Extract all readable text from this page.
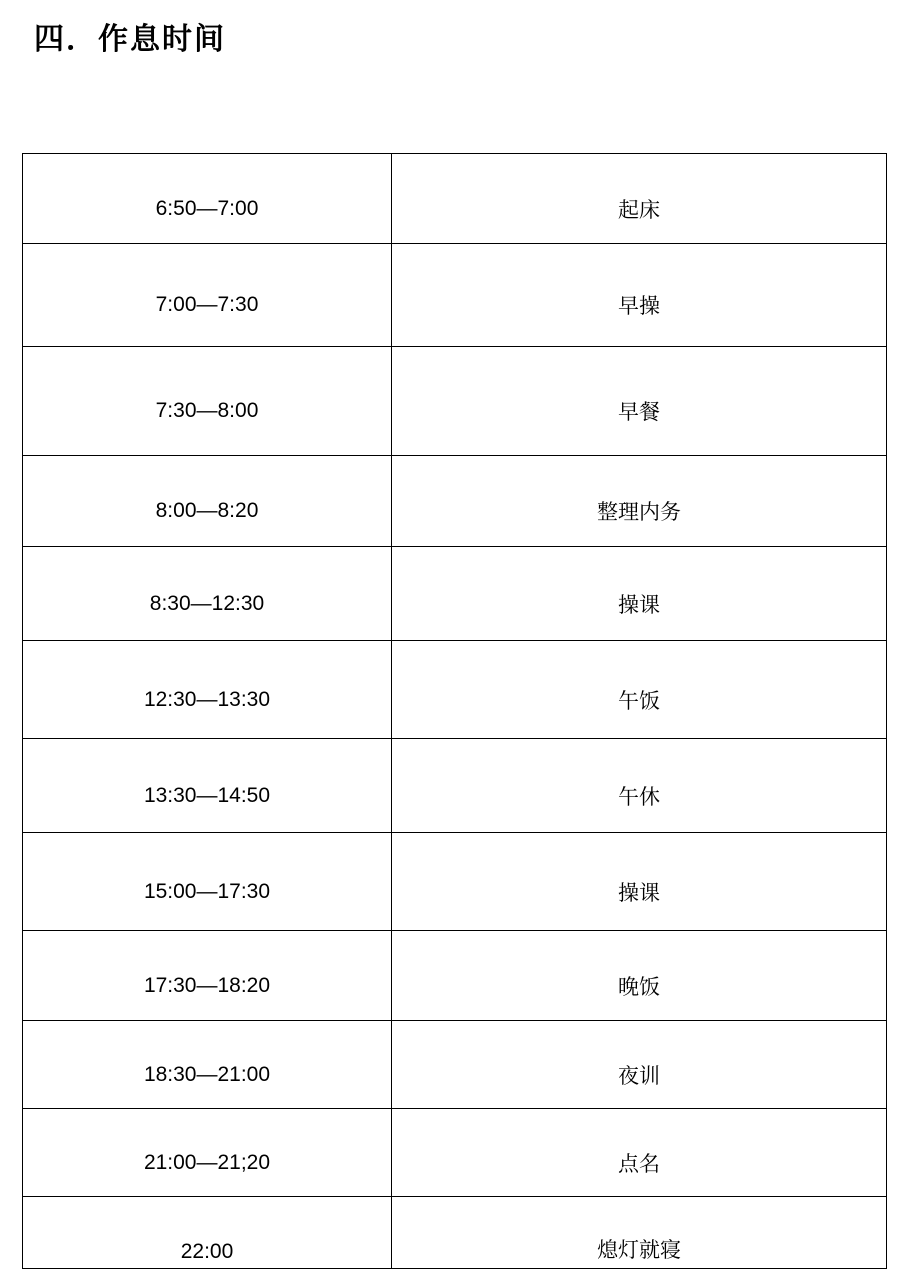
四．作息时间
6:50—7:00	起床
7:00—7:30	早操
7:30—8:00	早餐
8:00—8:20	整理内务
8:30—12:30	操课
12:30—13:30	午饭
13:30—14:50	午休
15:00—17:30	操课
17:30—18:20	晚饭
18:30—21:00	夜训
21:00—21;20	点名
22:00	熄灯就寝
